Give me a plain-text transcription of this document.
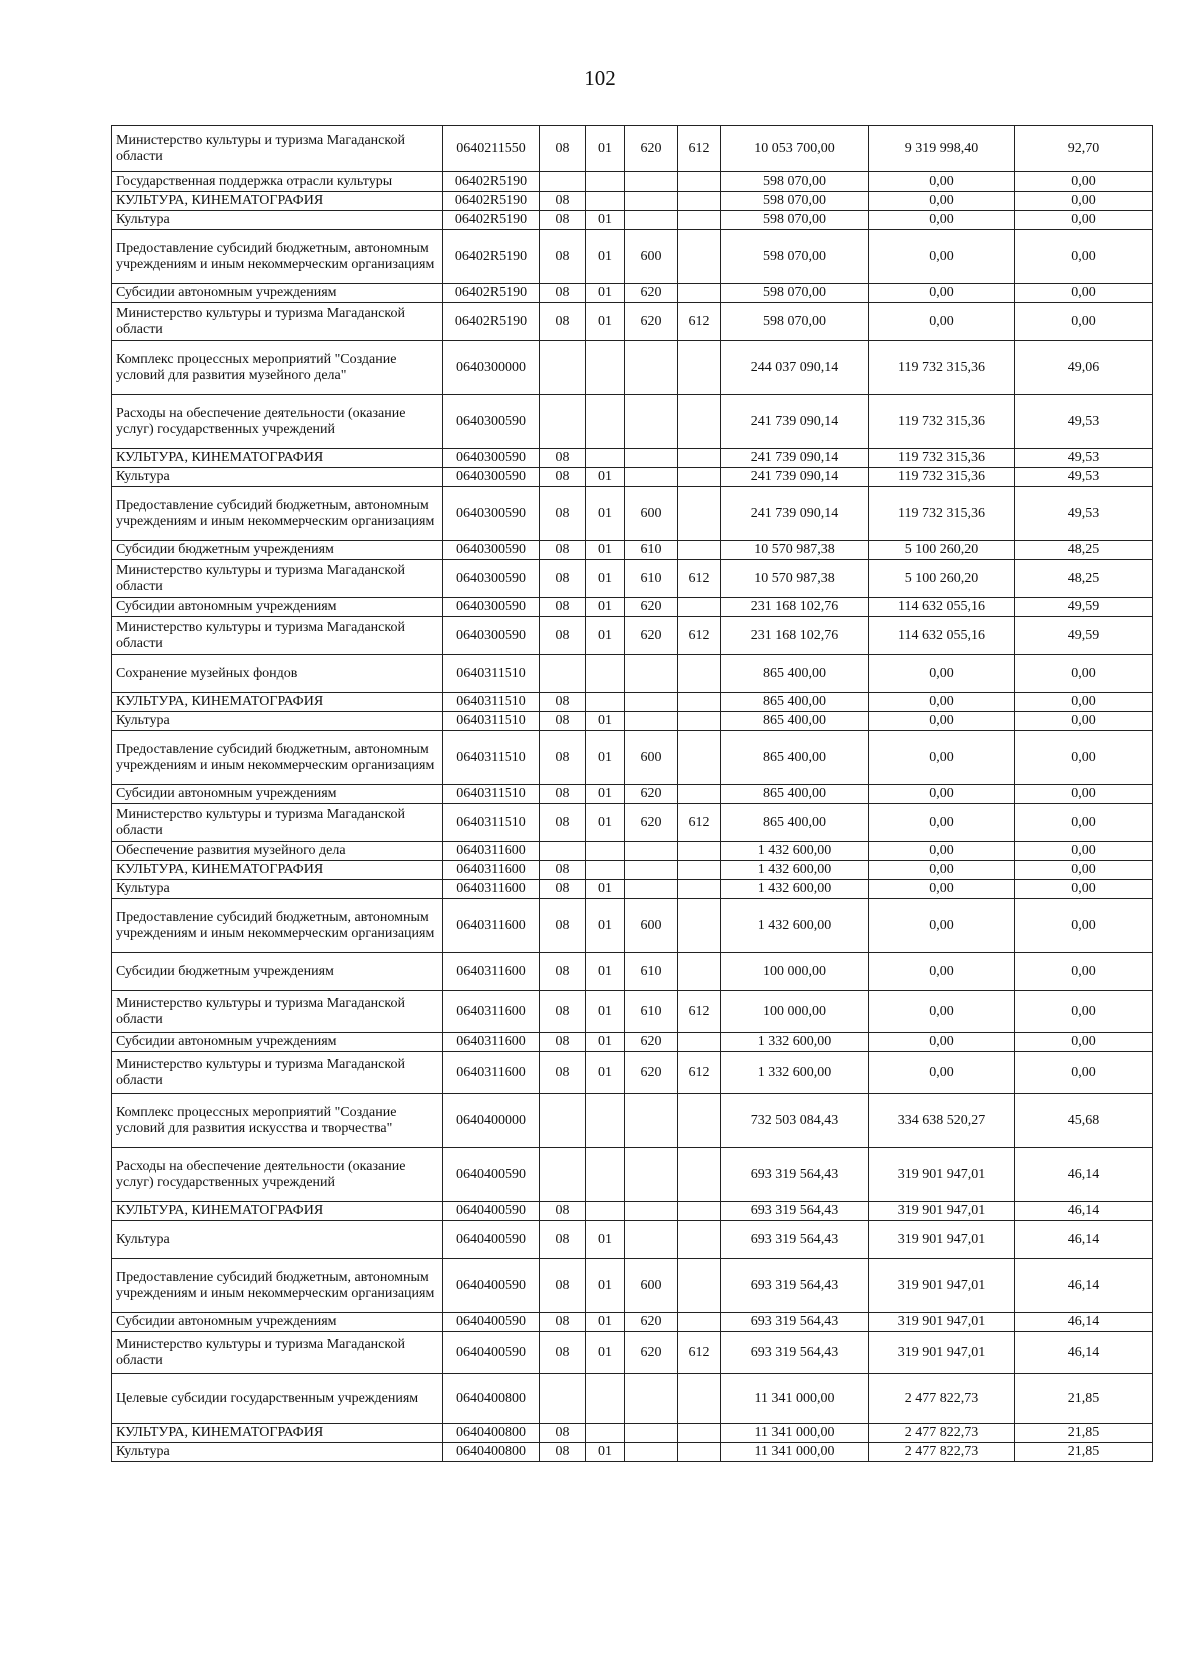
102
Министерство культуры и туризма Магаданской области	0640211550	08	01	620	612	10 053 700,00	9 319 998,40	92,70
Государственная поддержка отрасли культуры	06402R5190					598 070,00	0,00	0,00
КУЛЬТУРА, КИНЕМАТОГРАФИЯ	06402R5190	08				598 070,00	0,00	0,00
Культура	06402R5190	08	01			598 070,00	0,00	0,00
Предоставление субсидий бюджетным, автономным учреждениям и иным некоммерческим организациям	06402R5190	08	01	600		598 070,00	0,00	0,00
Субсидии автономным учреждениям	06402R5190	08	01	620		598 070,00	0,00	0,00
Министерство культуры и туризма Магаданской области	06402R5190	08	01	620	612	598 070,00	0,00	0,00
Комплекс процессных мероприятий "Создание условий для развития музейного дела"	0640300000					244 037 090,14	119 732 315,36	49,06
Расходы на обеспечение деятельности (оказание услуг) государственных учреждений	0640300590					241 739 090,14	119 732 315,36	49,53
КУЛЬТУРА, КИНЕМАТОГРАФИЯ	0640300590	08				241 739 090,14	119 732 315,36	49,53
Культура	0640300590	08	01			241 739 090,14	119 732 315,36	49,53
Предоставление субсидий бюджетным, автономным учреждениям и иным некоммерческим организациям	0640300590	08	01	600		241 739 090,14	119 732 315,36	49,53
Субсидии бюджетным учреждениям	0640300590	08	01	610		10 570 987,38	5 100 260,20	48,25
Министерство культуры и туризма Магаданской области	0640300590	08	01	610	612	10 570 987,38	5 100 260,20	48,25
Субсидии автономным учреждениям	0640300590	08	01	620		231 168 102,76	114 632 055,16	49,59
Министерство культуры и туризма Магаданской области	0640300590	08	01	620	612	231 168 102,76	114 632 055,16	49,59
Сохранение музейных фондов	0640311510					865 400,00	0,00	0,00
КУЛЬТУРА, КИНЕМАТОГРАФИЯ	0640311510	08				865 400,00	0,00	0,00
Культура	0640311510	08	01			865 400,00	0,00	0,00
Предоставление субсидий бюджетным, автономным учреждениям и иным некоммерческим организациям	0640311510	08	01	600		865 400,00	0,00	0,00
Субсидии автономным учреждениям	0640311510	08	01	620		865 400,00	0,00	0,00
Министерство культуры и туризма Магаданской области	0640311510	08	01	620	612	865 400,00	0,00	0,00
Обеспечение развития музейного дела	0640311600					1 432 600,00	0,00	0,00
КУЛЬТУРА, КИНЕМАТОГРАФИЯ	0640311600	08				1 432 600,00	0,00	0,00
Культура	0640311600	08	01			1 432 600,00	0,00	0,00
Предоставление субсидий бюджетным, автономным учреждениям и иным некоммерческим организациям	0640311600	08	01	600		1 432 600,00	0,00	0,00
Субсидии бюджетным учреждениям	0640311600	08	01	610		100 000,00	0,00	0,00
Министерство культуры и туризма Магаданской области	0640311600	08	01	610	612	100 000,00	0,00	0,00
Субсидии автономным учреждениям	0640311600	08	01	620		1 332 600,00	0,00	0,00
Министерство культуры и туризма Магаданской области	0640311600	08	01	620	612	1 332 600,00	0,00	0,00
Комплекс процессных мероприятий "Создание условий для развития искусства и творчества"	0640400000					732 503 084,43	334 638 520,27	45,68
Расходы на обеспечение деятельности (оказание услуг) государственных учреждений	0640400590					693 319 564,43	319 901 947,01	46,14
КУЛЬТУРА, КИНЕМАТОГРАФИЯ	0640400590	08				693 319 564,43	319 901 947,01	46,14
Культура	0640400590	08	01			693 319 564,43	319 901 947,01	46,14
Предоставление субсидий бюджетным, автономным учреждениям и иным некоммерческим организациям	0640400590	08	01	600		693 319 564,43	319 901 947,01	46,14
Субсидии автономным учреждениям	0640400590	08	01	620		693 319 564,43	319 901 947,01	46,14
Министерство культуры и туризма Магаданской области	0640400590	08	01	620	612	693 319 564,43	319 901 947,01	46,14
Целевые субсидии государственным учреждениям	0640400800					11 341 000,00	2 477 822,73	21,85
КУЛЬТУРА, КИНЕМАТОГРАФИЯ	0640400800	08				11 341 000,00	2 477 822,73	21,85
Культура	0640400800	08	01			11 341 000,00	2 477 822,73	21,85
